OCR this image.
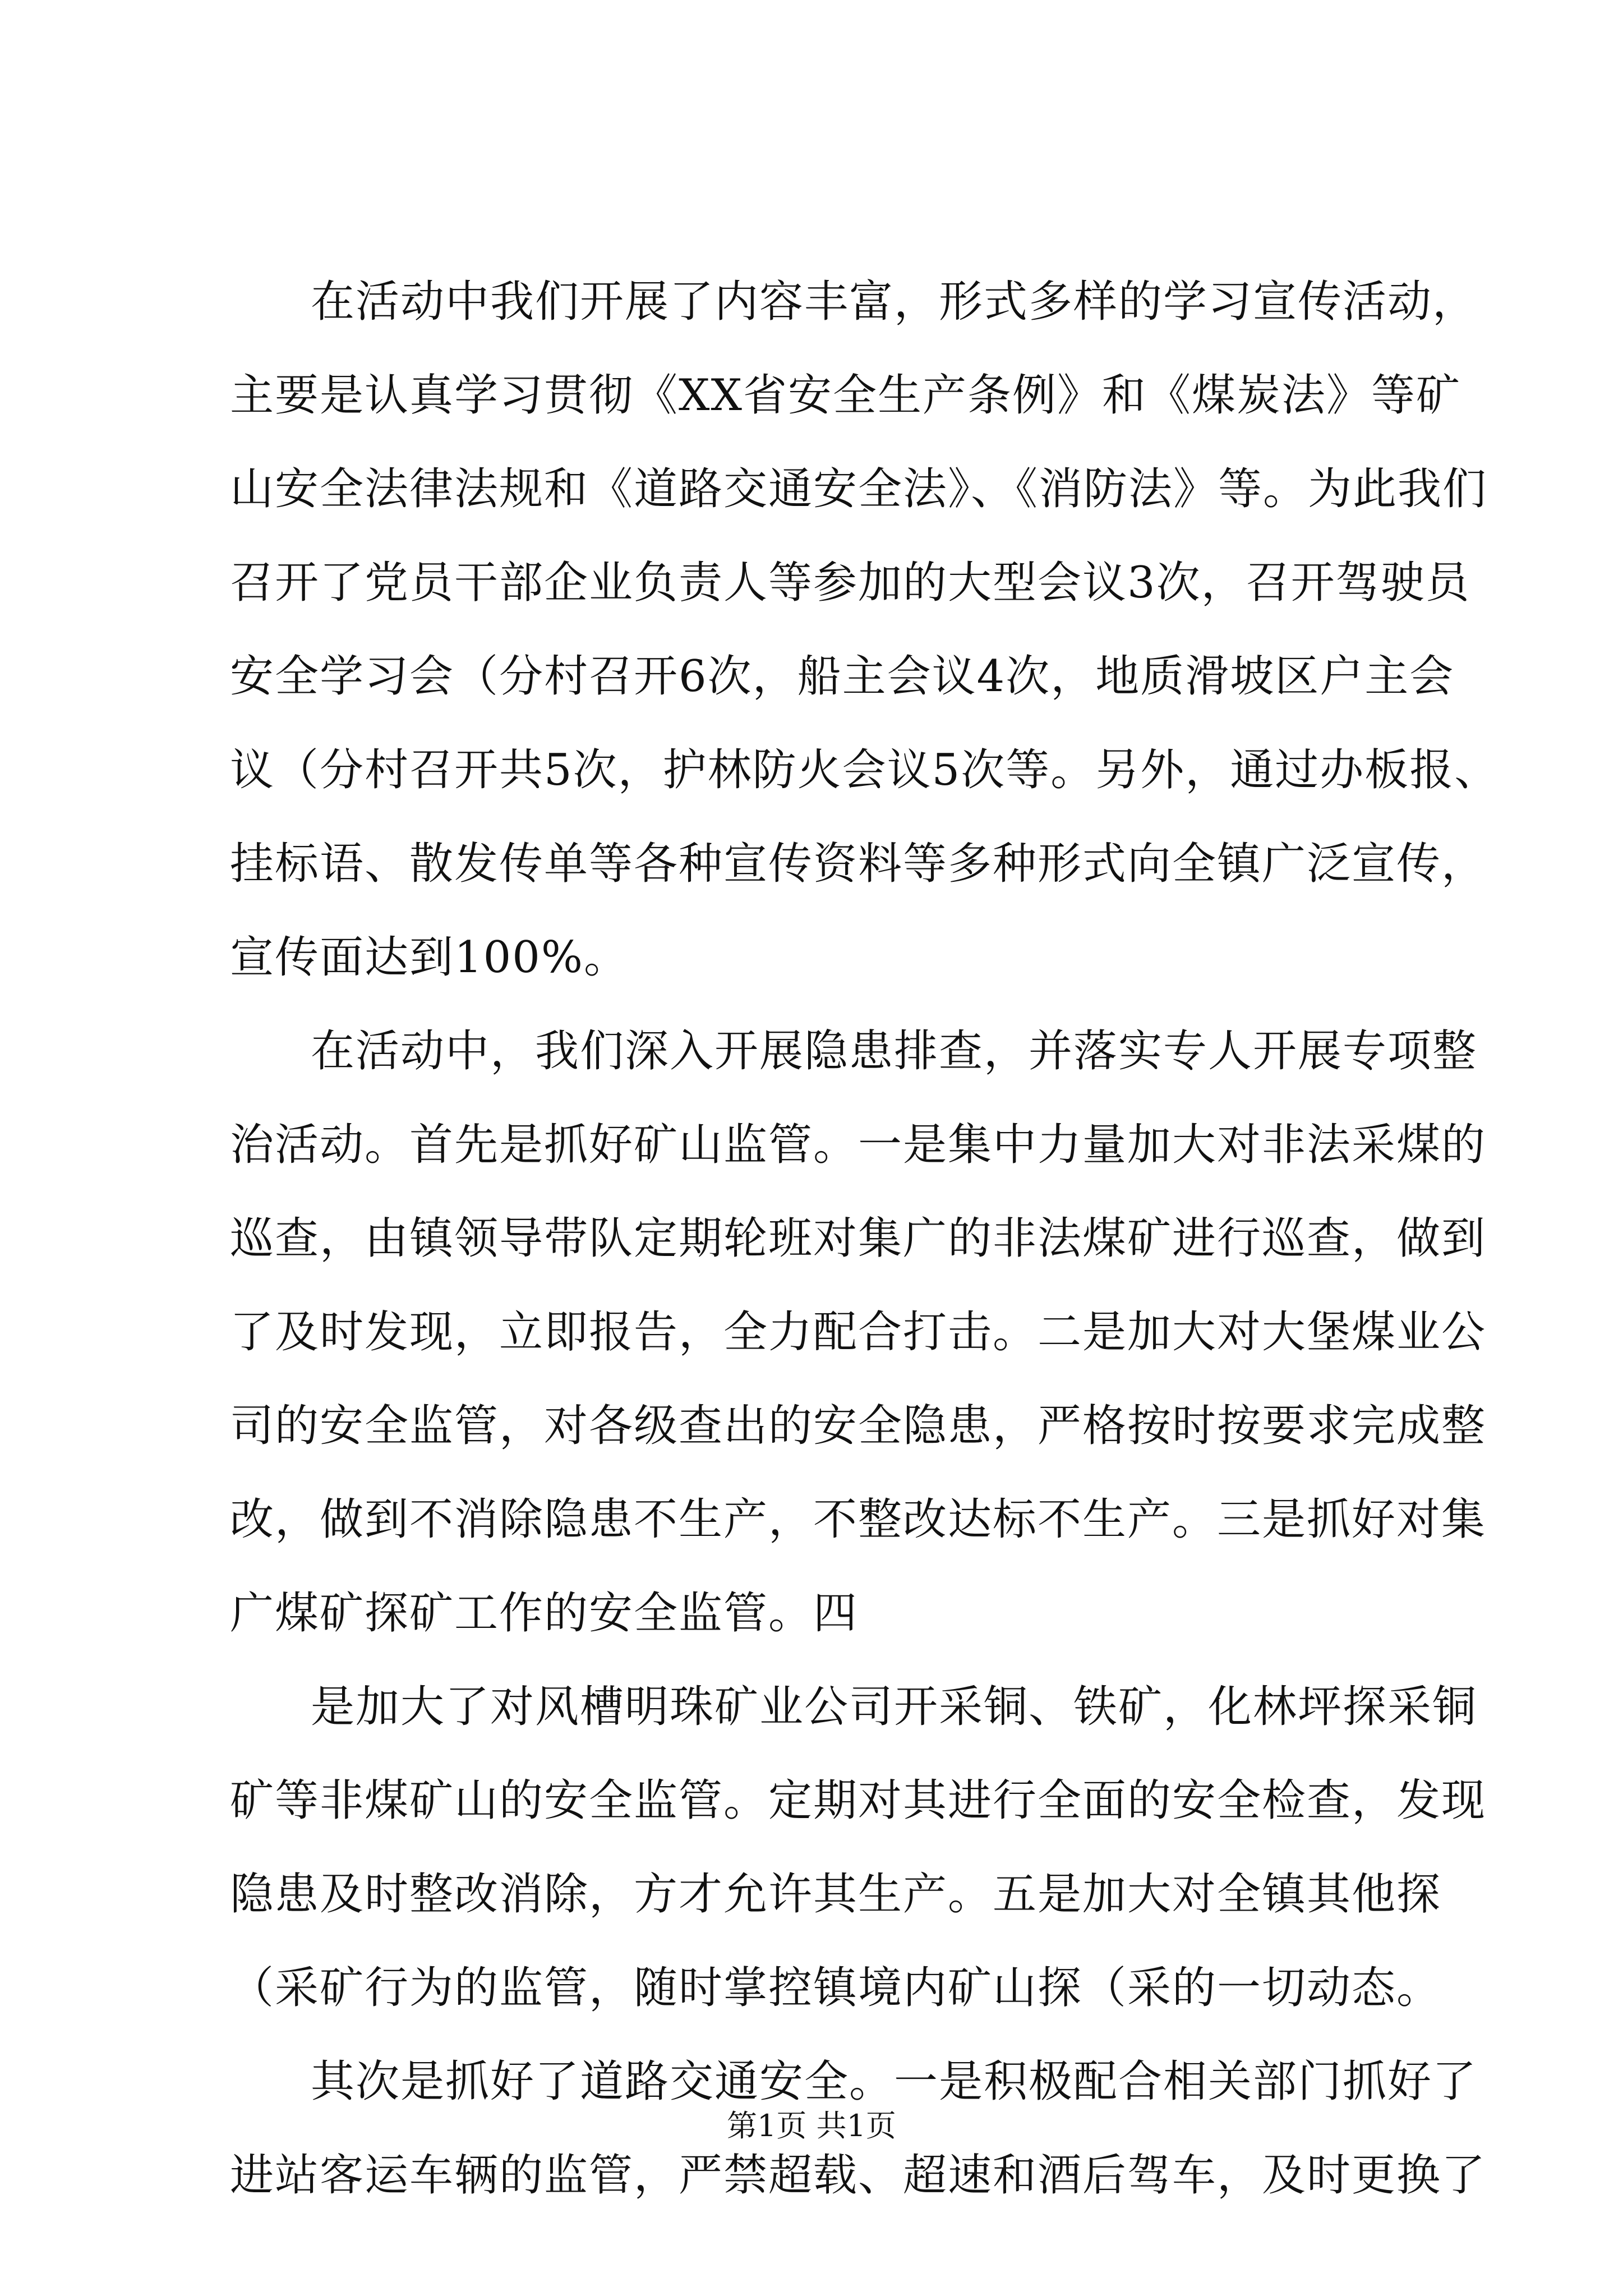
在活动中我们开展了内容丰富，形式多样的学习宣传活动，
主要是认真学习贯彻《XX省安全生产条例》和《煤炭法》等矿
山安全法律法规和《道路交通安全法》、《消防法》等。为此我们
召开了党员干部企业负责人等参加的大型会议3次，召开驾驶员
安全学习会（分村召开6次，船主会议4次，地质滑坡区户主会
议（分村召开共5次，护林防火会议5次等。另外，通过办板报、
挂标语、散发传单等各种宣传资料等多种形式向全镇广泛宣传，
宣传面达到100%。
在活动中，我们深入开展隐患排查，并落实专人开展专项整
治活动。首先是抓好矿山监管。一是集中力量加大对非法采煤的
巡查，由镇领导带队定期轮班对集广的非法煤矿进行巡查，做到
了及时发现，立即报告，全力配合打击。二是加大对大堡煤业公
司的安全监管，对各级查出的安全隐患，严格按时按要求完成整
改，做到不消除隐患不生产，不整改达标不生产。三是抓好对集
广煤矿探矿工作的安全监管。四
是加大了对风槽明珠矿业公司开采铜、铁矿，化林坪探采铜
矿等非煤矿山的安全监管。定期对其进行全面的安全检查，发现
隐患及时整改消除，方才允许其生产。五是加大对全镇其他探
（采矿行为的监管，随时掌控镇境内矿山探（采的一切动态。
其次是抓好了道路交通安全。一是积极配合相关部门抓好了
进站客运车辆的监管，严禁超载、超速和酒后驾车，及时更换了
第1页 共1页
